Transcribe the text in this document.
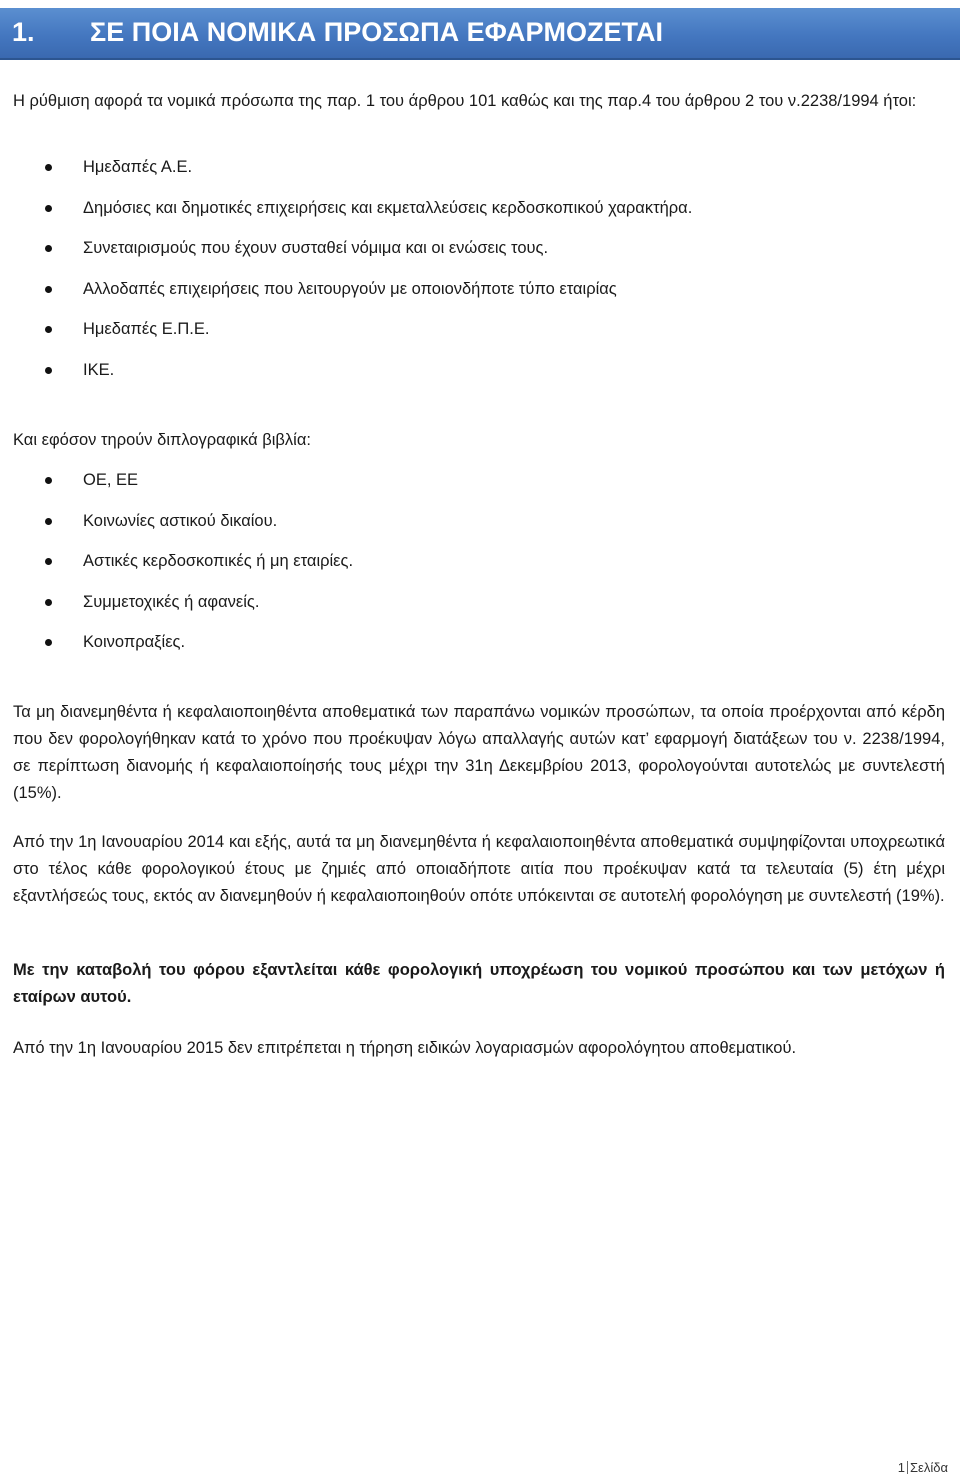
1. ΣΕ ΠΟΙΑ ΝΟΜΙΚΑ ΠΡΟΣΩΠΑ ΕΦΑΡΜΟΖΕΤΑΙ

Η ρύθμιση αφορά τα νομικά πρόσωπα της παρ. 1 του άρθρου 101 καθώς και της παρ.4 του άρθρου 2 του ν.2238/1994 ήτοι:

Ημεδαπές Α.Ε.
Δημόσιες και δημοτικές επιχειρήσεις και εκμεταλλεύσεις κερδοσκοπικού χαρακτήρα.
Συνεταιρισμούς που έχουν συσταθεί νόμιμα και οι ενώσεις τους.
Αλλοδαπές επιχειρήσεις που λειτουργούν με οποιονδήποτε τύπο εταιρίας
Ημεδαπές Ε.Π.Ε.
ΙΚΕ.

Και εφόσον τηρούν διπλογραφικά βιβλία:

ΟΕ, ΕΕ
Κοινωνίες αστικού δικαίου.
Αστικές κερδοσκοπικές ή μη εταιρίες.
Συμμετοχικές ή αφανείς.
Κοινοπραξίες.

Τα μη διανεμηθέντα ή κεφαλαιοποιηθέντα αποθεματικά των παραπάνω νομικών προσώπων, τα οποία προέρχονται από κέρδη που δεν φορολογήθηκαν κατά το χρόνο που προέκυψαν λόγω απαλλαγής αυτών κατ’ εφαρμογή διατάξεων του ν. 2238/1994, σε περίπτωση διανομής ή κεφαλαιοποίησής τους μέχρι την 31η Δεκεμβρίου 2013, φορολογούνται αυτοτελώς με συντελεστή (15%).

Από την 1η Ιανουαρίου 2014 και εξής, αυτά τα μη διανεμηθέντα ή κεφαλαιοποιηθέντα αποθεματικά συμψηφίζονται υποχρεωτικά στο τέλος κάθε φορολογικού έτους με ζημιές από οποιαδήποτε αιτία που προέκυψαν κατά τα τελευταία (5) έτη μέχρι εξαντλήσεώς τους, εκτός αν διανεμηθούν ή κεφαλαιοποιηθούν οπότε υπόκεινται σε αυτοτελή φορολόγηση με συντελεστή (19%).

Με την καταβολή του φόρου εξαντλείται κάθε φορολογική υποχρέωση του νομικού προσώπου και των μετόχων ή εταίρων αυτού.

Από την 1η Ιανουαρίου 2015 δεν επιτρέπεται η τήρηση ειδικών λογαριασμών αφορολόγητου αποθεματικού.

1 Σελίδα
